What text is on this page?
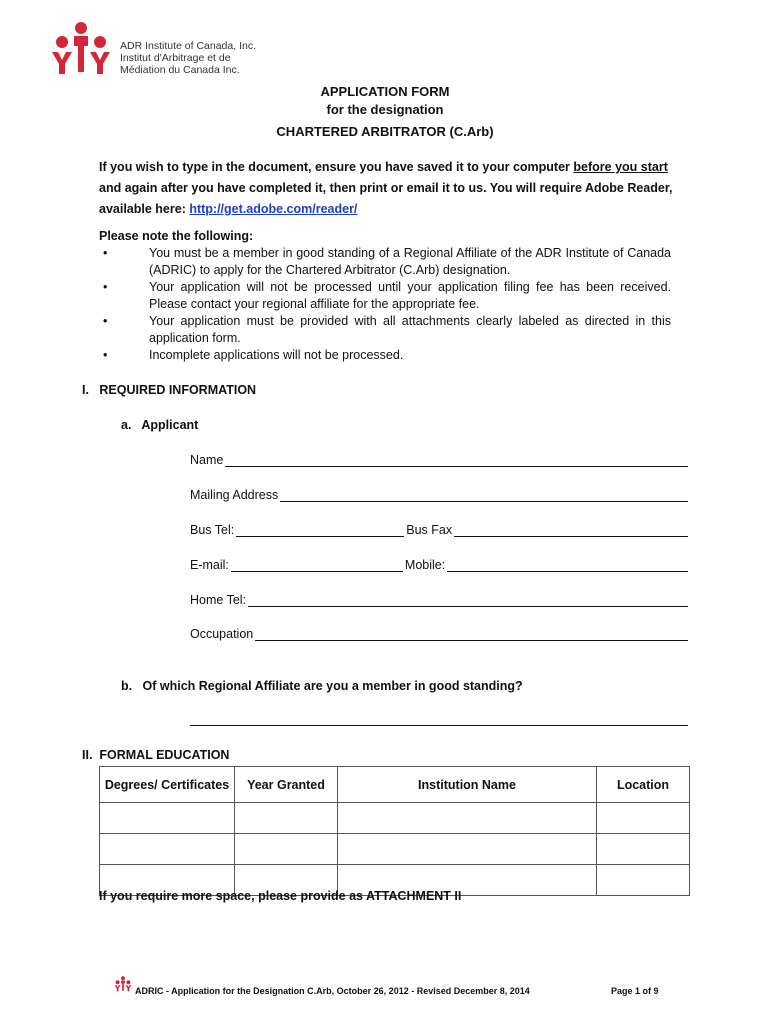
ADR Institute of Canada, Inc.
Institut d'Arbitrage et de
Médiation du Canada Inc.
APPLICATION FORM
for the designation
CHARTERED ARBITRATOR (C.Arb)
If you wish to type in the document, ensure you have saved it to your computer before you start and again after you have completed it, then print or email it to us. You will require Adobe Reader, available here: http://get.adobe.com/reader/
Please note the following:
• You must be a member in good standing of a Regional Affiliate of the ADR Institute of Canada (ADRIC) to apply for the Chartered Arbitrator (C.Arb) designation.
• Your application will not be processed until your application filing fee has been received. Please contact your regional affiliate for the appropriate fee.
• Your application must be provided with all attachments clearly labeled as directed in this application form.
• Incomplete applications will not be processed.
I.   REQUIRED INFORMATION
a.   Applicant
Name
Mailing Address
Bus Tel:	Bus Fax
E-mail:	Mobile:
Home Tel:
Occupation
b.   Of which Regional Affiliate are you a member in good standing?
II.  FORMAL EDUCATION
Degrees/ Certificates	Year Granted	Institution Name	Location

If you require more space, please provide as ATTACHMENT II
ADRIC - Application for the Designation C.Arb, October 26, 2012 - Revised December 8, 2014	Page 1 of 9
